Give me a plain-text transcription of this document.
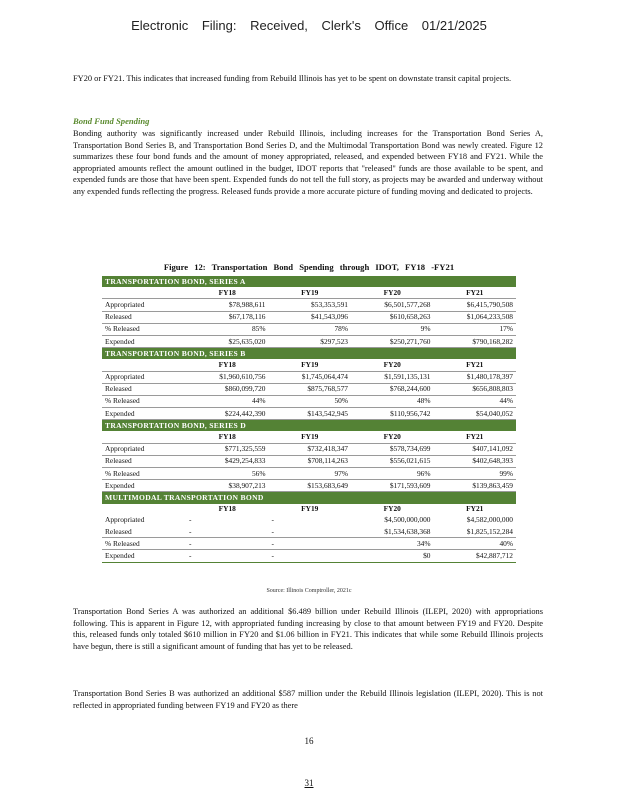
Electronic Filing: Received, Clerk's Office 01/21/2025
FY20 or FY21. This indicates that increased funding from Rebuild Illinois has yet to be spent on downstate transit capital projects.
Bond Fund Spending
Bonding authority was significantly increased under Rebuild Illinois, including increases for the Transportation Bond Series A, Transportation Bond Series B, and Transportation Bond Series D, and the Multimodal Transportation Bond was newly created. Figure 12 summarizes these four bond funds and the amount of money appropriated, released, and expended between FY18 and FY21. While the appropriated amounts reflect the amount outlined in the budget, IDOT reports that "released" funds are those available to be spent, and expended funds are those that have been spent. Expended funds do not tell the full story, as projects may be awarded and underway without any expended funds reflecting the progress. Released funds provide a more accurate picture of funding moving and dedicated to projects.
Figure 12: Transportation Bond Spending through IDOT, FY18 -FY21
TRANSPORTATION BOND, SERIES A				
	FY18	FY19	FY20	FY21
Appropriated	$78,988,611	$53,353,591	$6,501,577,268	$6,415,790,508
Released	$67,178,116	$41,543,096	$610,658,263	$1,064,233,508
% Released	85%	78%	9%	17%
Expended	$25,635,020	$297,523	$250,271,760	$790,168,282
TRANSPORTATION BOND, SERIES B				
	FY18	FY19	FY20	FY21
Appropriated	$1,960,610,756	$1,745,064,474	$1,591,135,131	$1,480,178,397
Released	$860,099,720	$875,768,577	$768,244,600	$656,808,803
% Released	44%	50%	48%	44%
Expended	$224,442,390	$143,542,945	$110,956,742	$54,040,052
TRANSPORTATION BOND, SERIES D				
	FY18	FY19	FY20	FY21
Appropriated	$771,325,559	$732,418,347	$578,734,699	$407,141,092
Released	$429,254,833	$708,114,263	$556,021,615	$402,648,393
% Released	56%	97%	96%	99%
Expended	$38,907,213	$153,683,649	$171,593,609	$139,863,459
MULTIMODAL TRANSPORTATION BOND				
	FY18	FY19	FY20	FY21
Appropriated	-	-	$4,500,000,000	$4,582,000,000
Released	-	-	$1,534,638,368	$1,825,152,284
% Released	-	-	34%	40%
Expended	-	-	$0	$42,887,712
Source: Illinois Comptroller, 2021c
Transportation Bond Series A was authorized an additional $6.489 billion under Rebuild Illinois (ILEPI, 2020) with appropriations following. This is apparent in Figure 12, with appropriated funding increasing by close to that amount between FY19 and FY20. Despite this, released funds only totaled $610 million in FY20 and $1.06 billion in FY21. This indicates that while some Rebuild Illinois projects have begun, there is still a significant amount of funding that has yet to be released.
Transportation Bond Series B was authorized an additional $587 million under the Rebuild Illinois legislation (ILEPI, 2020). This is not reflected in appropriated funding between FY19 and FY20 as there
16
31
